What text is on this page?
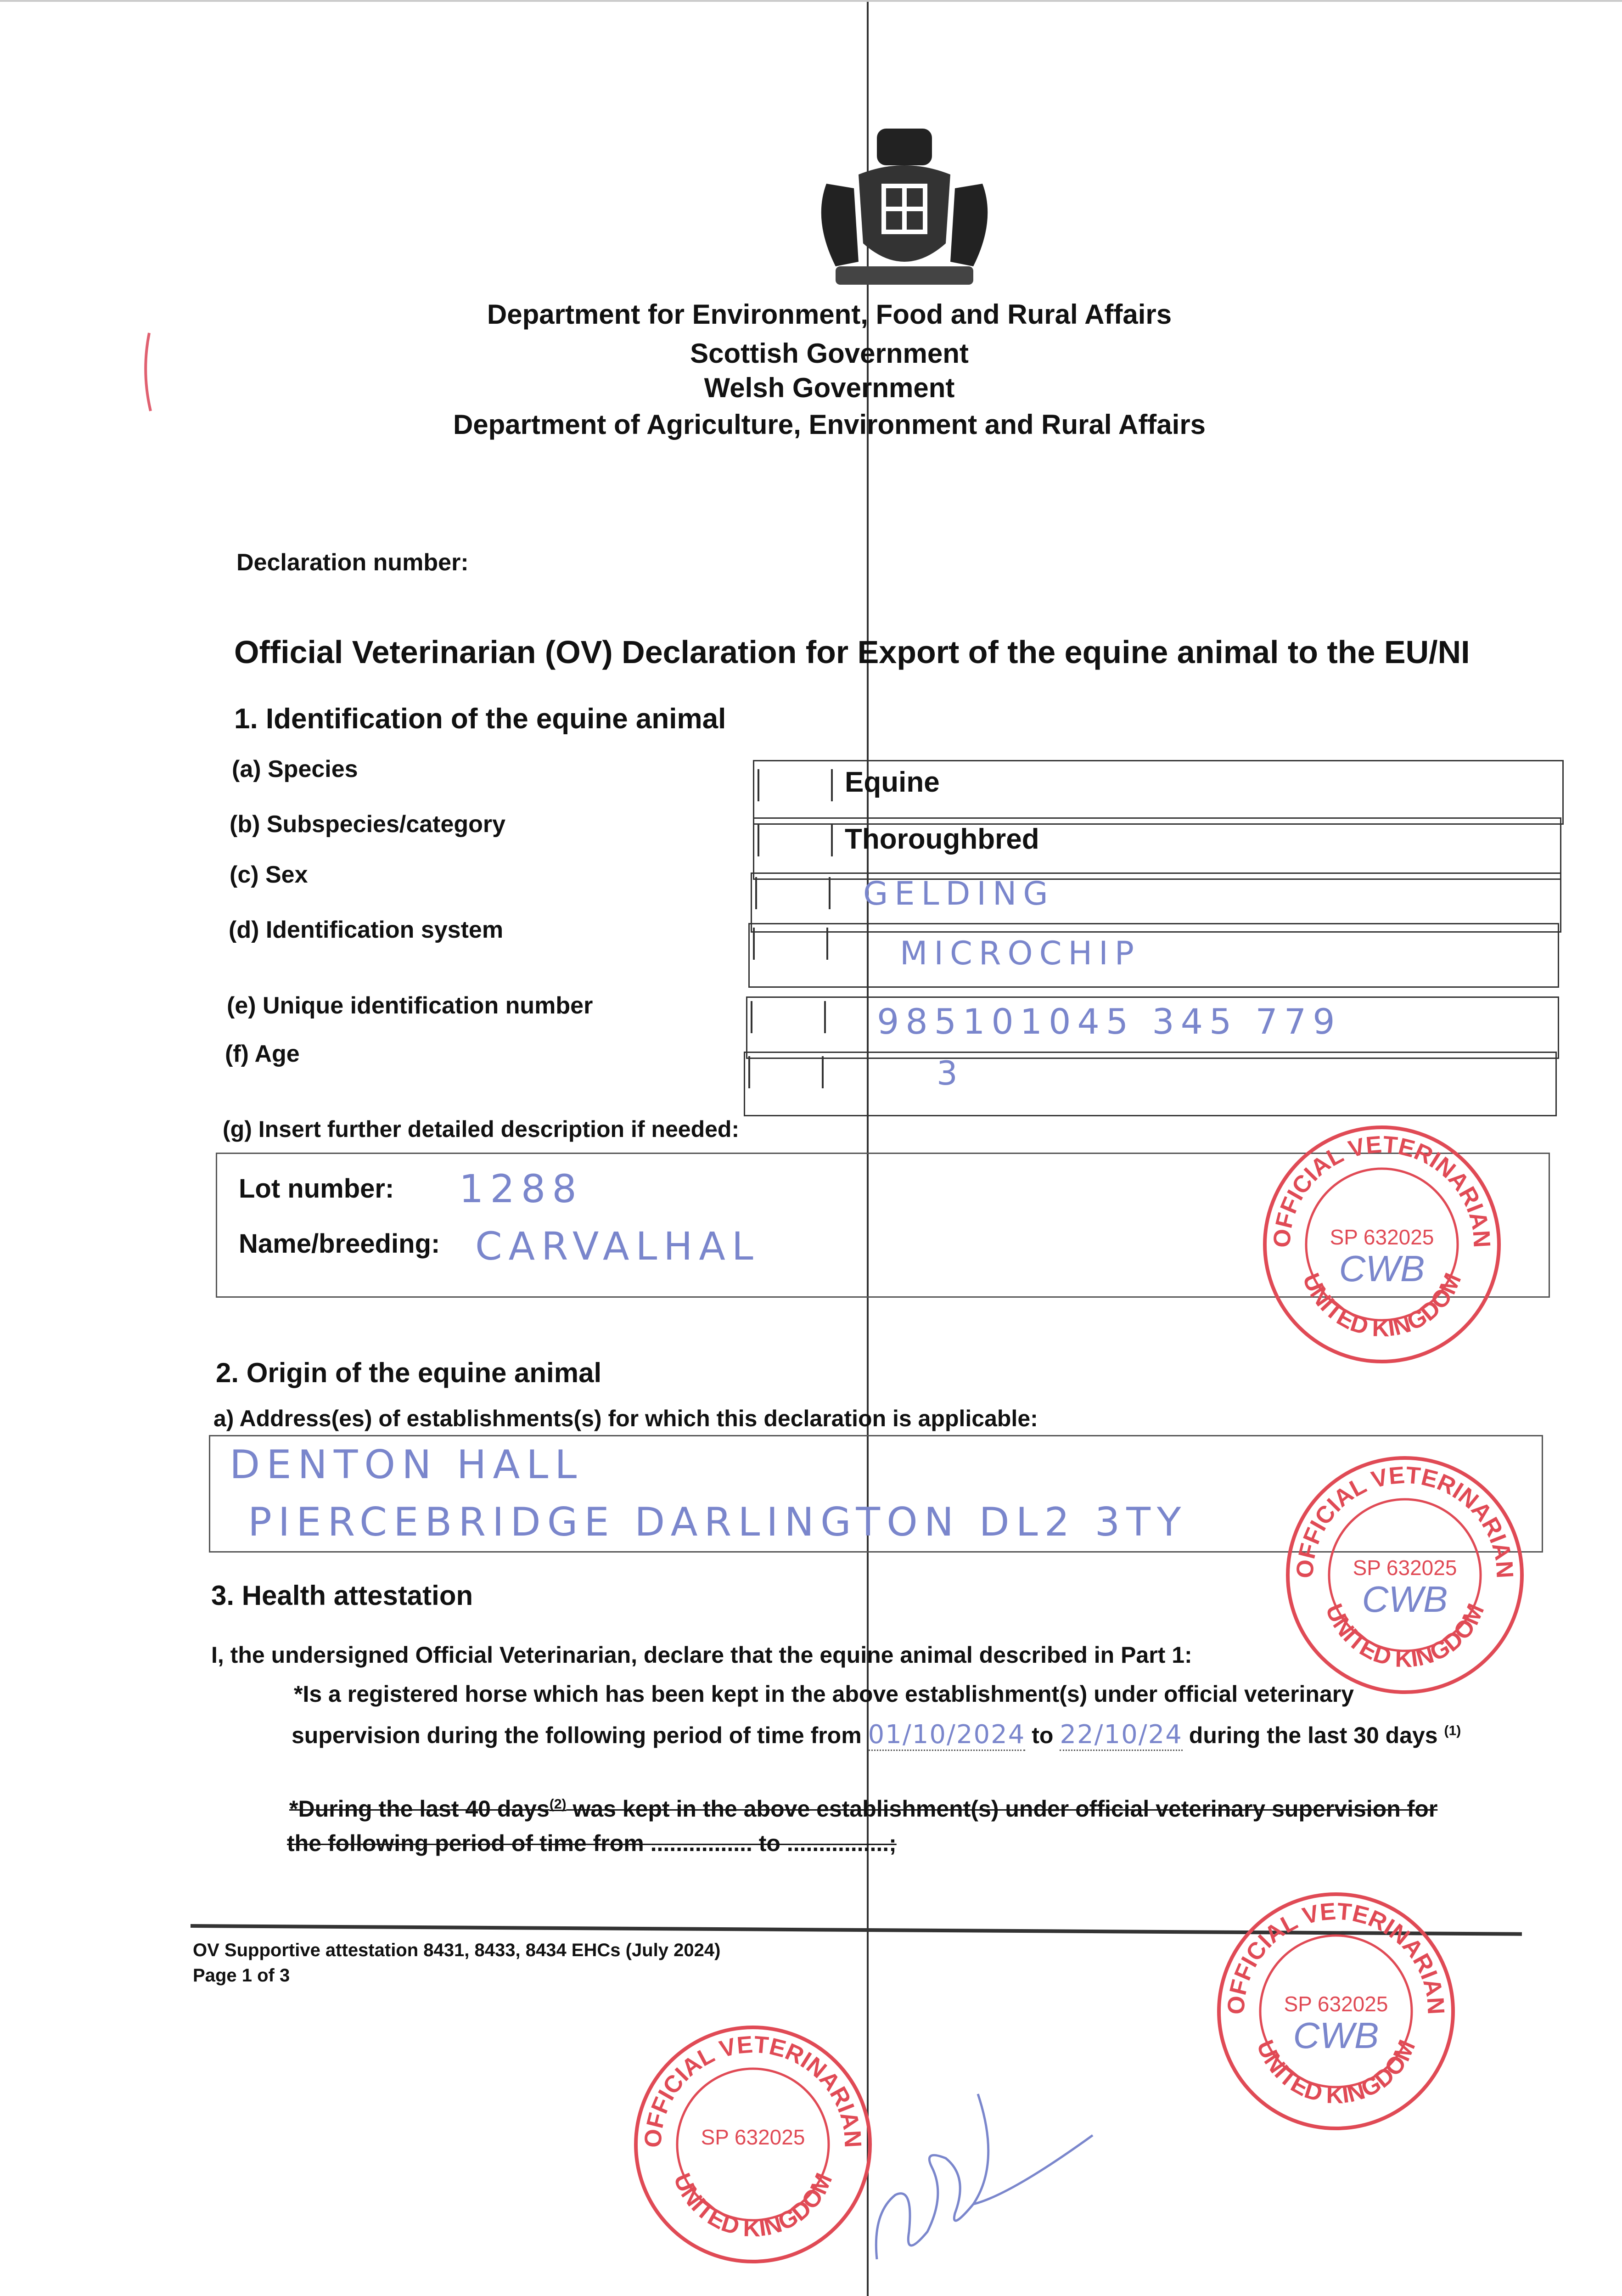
Department for Environment, Food and Rural Affairs
Scottish Government
Welsh Government
Department of Agriculture, Environment and Rural Affairs
Declaration number:
Official Veterinarian (OV) Declaration for Export of the equine animal to the EU/NI
1. Identification of the equine animal
(a) Species
(b) Subspecies/category
(c) Sex
(d) Identification system
(e) Unique identification number
(f) Age
Equine
Thoroughbred
GELDING
MICROCHIP
985101045 345 779
3
(g) Insert further detailed description if needed:
Lot number: 1288
Name/breeding: CARVALHAL
2. Origin of the equine animal
a) Address(es) of establishments(s) for which this declaration is applicable:
DENTON HALL
PIERCEBRIDGE DARLINGTON DL2 3TY
3. Health attestation
I, the undersigned Official Veterinarian, declare that the equine animal described in Part 1:
*Is a registered horse which has been kept in the above establishment(s) under official veterinary
supervision during the following period of time from 01/10/2024 to 22/10/24 during the last 30 days $^{(1)}$
*During the last 40 days$^{(2)}$ was kept in the above establishment(s) under official veterinary supervision for
the following period of time from ................ to ................;
OV Supportive attestation 8431, 8433, 8434 EHCs (July 2024)
Page 1 of 3
OFFICIAL VETERINARIAN
UNITED KINGDOM
SP 632025
CWB
OFFICIAL VETERINARIAN
UNITED KINGDOM
SP 632025
CWB
OFFICIAL VETERINARIAN
UNITED KINGDOM
SP 632025
CWB
OFFICIAL VETERINARIAN
UNITED KINGDOM
SP 632025
